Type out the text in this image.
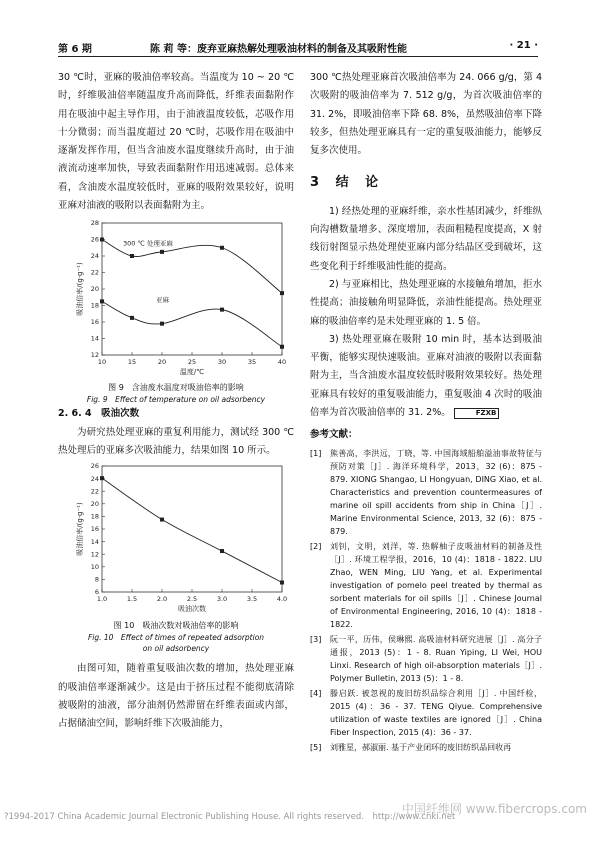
第 6 期	陈 莉 等：废弃亚麻热解处理吸油材料的制备及其吸附性能	· 21 ·

30 ℃时，亚麻的吸油倍率较高。当温度为 10 ~ 20 ℃时，纤维吸油倍率随温度升高而降低，纤维表面黏附作用在吸油中起主导作用，由于油液温度较低，芯吸作用十分微弱；而当温度超过 20 ℃时，芯吸作用在吸油中逐渐发挥作用，但当含油废水温度继续升高时，由于油液流动速率加快，导致表面黏附作用迅速减弱。总体来看，含油废水温度较低时，亚麻的吸附效果较好，说明亚麻对油液的吸附以表面黏附为主。

10	15	20	25	30	35	40
12
14
16
18
20
22
24
26
28
温度/℃
吸油倍率/(g·g⁻¹)
300 ℃ 处理亚麻
亚麻
图 9　含油废水温度对吸油倍率的影响
Fig. 9　Effect of temperature on oil adsorbency

2. 6. 4　吸油次数

为研究热处理亚麻的重复利用能力，测试经 300 ℃热处理后的亚麻多次吸油能力，结果如图 10 所示。

1.0	1.5	2.0	2.5	3.0	3.5	4.0
6
8
10
12
14
16
18
20
22
24
26
吸油次数
吸油倍率/(g·g⁻¹)
图 10　吸油次数对吸油倍率的影响
Fig. 10　Effect of times of repeated adsorption
on oil adsorbency

由图可知，随着重复吸油次数的增加，热处理亚麻的吸油倍率逐渐减少。这是由于挤压过程不能彻底清除被吸附的油液，部分油剂仍然滞留在纤维表面或内部，占据储油空间，影响纤维下次吸油能力，

300 ℃热处理亚麻首次吸油倍率为 24. 066 g/g，第 4 次吸附的吸油倍率为 7. 512 g/g，为首次吸油倍率的 31. 2%，即吸油倍率下降 68. 8%，虽然吸油倍率下降较多，但热处理亚麻具有一定的重复吸油能力，能够反复多次使用。

3 结 论

1) 经热处理的亚麻纤维，亲水性基团减少，纤维纵向沟槽数量增多、深度增加，表面粗糙程度提高，X 射线衍射图显示热处理使亚麻内部分结晶区受到破坏，这些变化利于纤维吸油性能的提高。

2) 与亚麻相比，热处理亚麻的水接触角增加，拒水性提高；油接触角明显降低，亲油性能提高。热处理亚麻的吸油倍率约是未处理亚麻的 1. 5 倍。

3) 热处理亚麻在吸附 10 min 时，基本达到吸油平衡，能够实现快速吸油。亚麻对油液的吸附以表面黏附为主，当含油废水温度较低时吸附效果较好。热处理亚麻具有较好的重复吸油能力，重复吸油 4 次时的吸油倍率为首次吸油倍率的 31. 2%。	FZXB

参考文献：
[1]	熊善高，李洪远，丁晓，等. 中国海域船舶溢油事故特征与预防对策［J］. 海洋环境科学，2013，32 (6)：875 - 879. XIONG Shangao, LI Hongyuan, DING Xiao, et al. Characteristics and prevention countermeasures of marine oil spill accidents from ship in China［J］. Marine Environmental Science, 2013, 32 (6)：875 - 879.
[2]	刘钊，文明，刘洋，等. 热解柚子皮吸油材料的制备及性［J］. 环境工程学报，2016，10 (4)：1818 - 1822. LIU Zhao, WEN Ming, LIU Yang, et al. Experimental investigation of pomelo peel treated by thermal as sorbent materials for oil spills［J］. Chinese Journal of Environmental Engineering, 2016, 10 (4)：1818 - 1822.
[3]	阮一平，历伟，侯琳熙. 高吸油材料研究进展［J］. 高分子通报，2013 (5)：1 - 8. Ruan Yiping, LI Wei, HOU Linxi. Research of high oil-absorption materials［J］. Polymer Bulletin, 2013 (5)：1 - 8.
[4]	滕启跃. 被忽视的废旧纺织品综合利用［J］. 中国纤检，2015 (4)：36 - 37. TENG Qiyue. Comprehensive utilization of waste textiles are ignored［J］. China Fiber Inspection, 2015 (4)：36 - 37.
[5]	刘雅星，郝淑丽. 基于产业闭环的废旧纺织品回收再
?1994-2017 China Academic Journal Electronic Publishing House. All rights reserved.　http://www.cnki.net
中国纤维网 www.fibercrops.com
